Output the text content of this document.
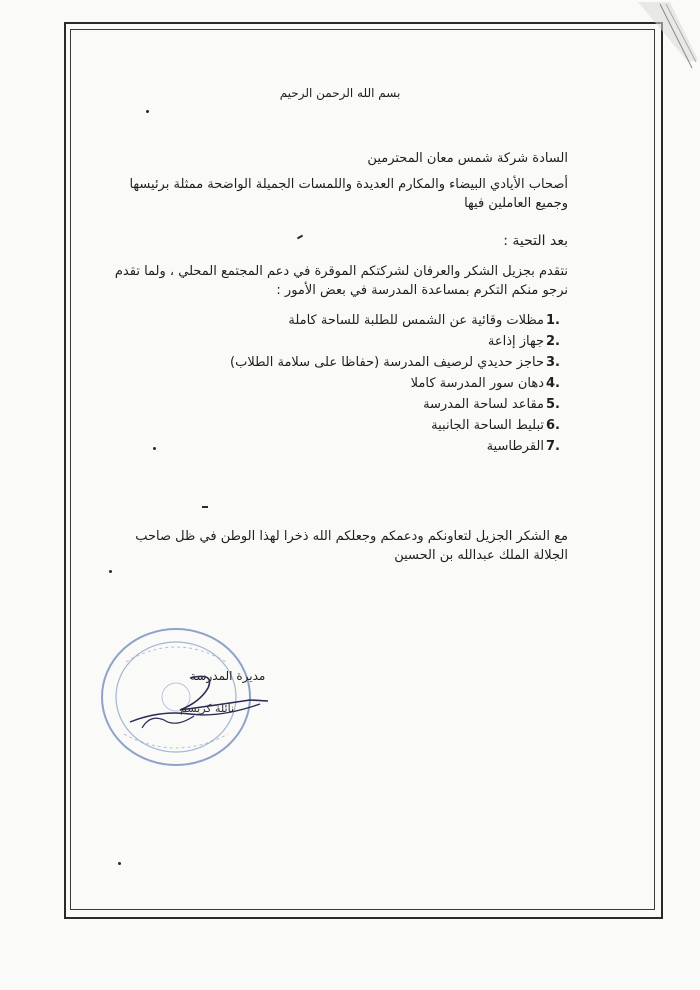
بسم الله الرحمن الرحيم
السادة شركة شمس معان المحترمين
أصحاب الأيادي البيضاء والمكارم العديدة واللمسات الجميلة الواضحة ممثلة برئيسها وجميع العاملين فيها
بعد التحية :
نتقدم بجزيل الشكر والعرفان لشركتكم الموقرة في دعم المجتمع المحلي ، ولما تقدم نرجو منكم التكرم بمساعدة المدرسة في بعض الأمور :
1.
مظلات وقائية عن الشمس للطلبة للساحة كاملة
2.
جهاز إذاعة
3.
حاجز حديدي لرصيف المدرسة (حفاظا على سلامة الطلاب)
4.
دهان سور المدرسة كاملا
5.
مقاعد لساحة المدرسة
6.
تبليط الساحة الجانبية
7.
القرطاسية
مع الشكر الجزيل لتعاونكم ودعمكم وجعلكم الله ذخرا لهذا الوطن في ظل صاحب الجلالة الملك عبدالله بن الحسين
مديرة المدرسة
نائلة كريسم
